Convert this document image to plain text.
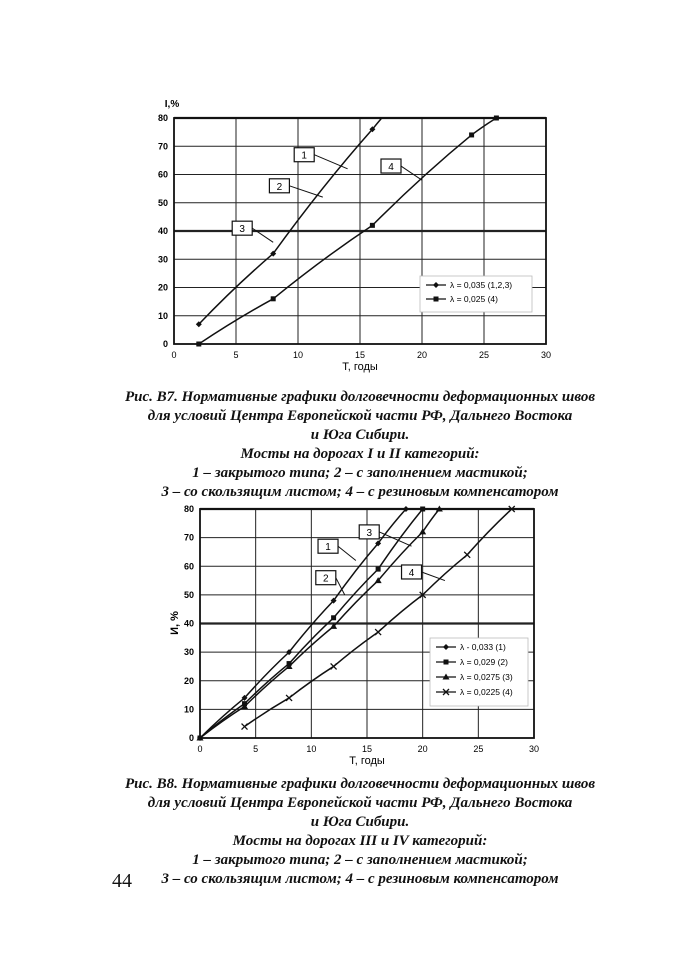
0	5	10	15	20	25	30
0
10
20
30
40
50
60
70
80
T, годы
I,%
1
2
3
4
λ = 0,035 (1,2,3)
λ = 0,025 (4)
Рис. В7. Нормативные графики долговечности деформационных швов
для условий Центра Европейской части РФ, Дальнего Востока
и Юга Сибири.
Мосты на дорогах I и II категорий:
1 – закрытого типа; 2 – с заполнением мастикой;
3 – со скользящим листом; 4 – с резиновым компенсатором
0	5	10	15	20	25	30
0
10
20
30
40
50
60
70
80
T, годы
И, %
1
2
3
4
λ - 0,033 (1)
λ = 0,029 (2)
λ = 0,0275 (3)
λ = 0,0225 (4)
Рис. В8. Нормативные графики долговечности деформационных швов
для условий Центра Европейской части РФ, Дальнего Востока
и Юга Сибири.
Мосты на дорогах III и IV категорий:
1 – закрытого типа; 2 – с заполнением мастикой;
3 – со скользящим листом; 4 – с резиновым компенсатором
44
